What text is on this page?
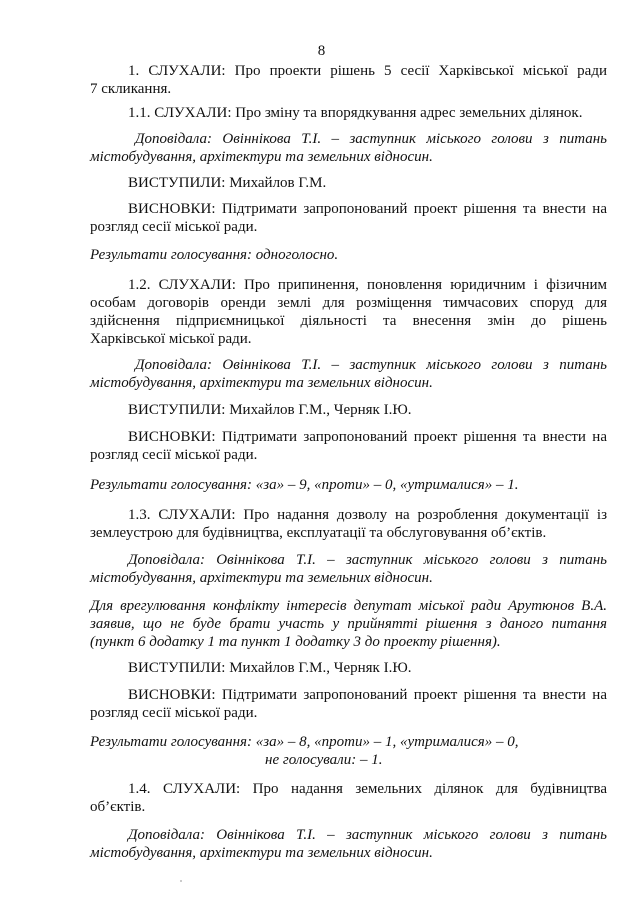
8
1. СЛУХАЛИ: Про проекти рішень 5 сесії Харківської міської ради
7 скликання.
1.1. СЛУХАЛИ: Про зміну та впорядкування адрес земельних ділянок.
Доповідала: Овіннікова Т.І. – заступник міського голови з питань
містобудування, архітектури та земельних відносин.
ВИСТУПИЛИ: Михайлов Г.М.
ВИСНОВКИ: Підтримати запропонований проект рішення та внести на
розгляд сесії міської ради.
Результати голосування: одноголосно.
1.2. СЛУХАЛИ: Про припинення, поновлення юридичним і фізичним
особам договорів оренди землі для розміщення тимчасових споруд для
здійснення підприємницької діяльності та внесення змін до рішень
Харківської міської ради.
Доповідала: Овіннікова Т.І. – заступник міського голови з питань
містобудування, архітектури та земельних відносин.
ВИСТУПИЛИ: Михайлов Г.М., Черняк І.Ю.
ВИСНОВКИ: Підтримати запропонований проект рішення та внести на
розгляд сесії міської ради.
Результати голосування: «за» – 9, «проти» – 0, «утрималися» – 1.
1.3. СЛУХАЛИ: Про надання дозволу на розроблення документації із
землеустрою для будівництва, експлуатації та обслуговування об’єктів.
Доповідала: Овіннікова Т.І. – заступник міського голови з питань
містобудування, архітектури та земельних відносин.
Для врегулювання конфлікту інтересів депутат міської ради Арутюнов В.А.
заявив, що не буде брати участь у прийнятті рішення з даного питання
(пункт 6 додатку 1 та пункт 1 додатку 3 до проекту рішення).
ВИСТУПИЛИ: Михайлов Г.М., Черняк І.Ю.
ВИСНОВКИ: Підтримати запропонований проект рішення та внести на
розгляд сесії міської ради.
Результати голосування: «за» – 8, «проти» – 1, «утрималися» – 0,
не голосували: – 1.
1.4. СЛУХАЛИ: Про надання земельних ділянок для будівництва
об’єктів.
Доповідала: Овіннікова Т.І. – заступник міського голови з питань
містобудування, архітектури та земельних відносин.
